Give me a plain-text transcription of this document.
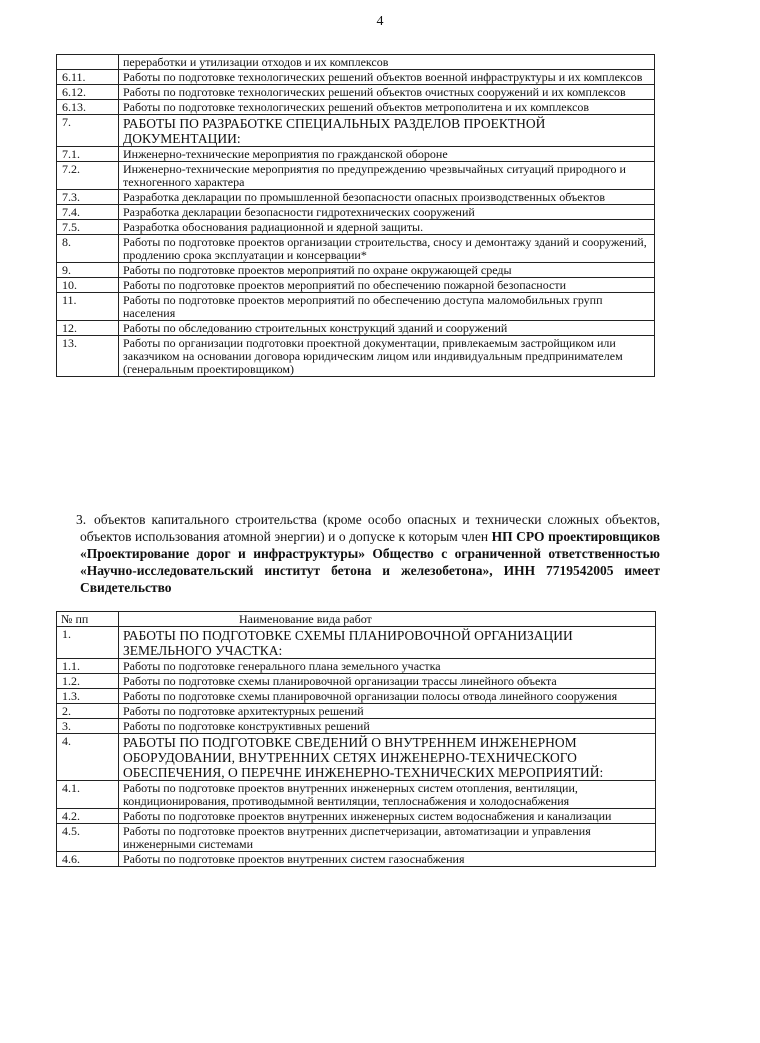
4

	переработки и утилизации отходов и их комплексов
6.11.	Работы по подготовке технологических решений объектов военной инфраструктуры и их комплексов
6.12.	Работы по подготовке технологических решений объектов очистных сооружений и их комплексов
6.13.	Работы по подготовке технологических решений объектов метрополитена и их комплексов
7.	РАБОТЫ ПО РАЗРАБОТКЕ СПЕЦИАЛЬНЫХ РАЗДЕЛОВ ПРОЕКТНОЙ ДОКУМЕНТАЦИИ:
7.1.	Инженерно-технические мероприятия по гражданской обороне
7.2.	Инженерно-технические мероприятия по предупреждению чрезвычайных ситуаций природного и техногенного характера
7.3.	Разработка декларации по промышленной безопасности опасных производственных объектов
7.4.	Разработка декларации безопасности гидротехнических сооружений
7.5.	Разработка обоснования радиационной и ядерной защиты.
8.	Работы по подготовке проектов организации строительства, сносу и демонтажу зданий и сооружений, продлению срока эксплуатации и консервации*
9.	Работы по подготовке проектов мероприятий по охране окружающей среды
10.	Работы по подготовке проектов мероприятий по обеспечению пожарной безопасности
11.	Работы по подготовке проектов мероприятий по обеспечению доступа маломобильных групп населения
12.	Работы по обследованию строительных конструкций зданий и сооружений
13.	Работы по организации подготовки проектной документации, привлекаемым застройщиком или заказчиком на основании договора юридическим лицом или индивидуальным предпринимателем (генеральным проектировщиком)
3. объектов капитального строительства (кроме особо опасных и технически сложных объектов, объектов использования атомной энергии) и о допуске к которым член НП СРО проектировщиков «Проектирование дорог и инфраструктуры» Общество с ограниченной ответственностью «Научно-исследовательский институт бетона и железобетона», ИНН 7719542005 имеет Свидетельство
№ пп	Наименование вида работ
1.	РАБОТЫ ПО ПОДГОТОВКЕ СХЕМЫ ПЛАНИРОВОЧНОЙ ОРГАНИЗАЦИИ ЗЕМЕЛЬНОГО УЧАСТКА:
1.1.	Работы по подготовке генерального плана земельного участка
1.2.	Работы по подготовке схемы планировочной организации трассы линейного объекта
1.3.	Работы по подготовке схемы планировочной организации полосы отвода линейного сооружения
2.	Работы по подготовке архитектурных решений
3.	Работы по подготовке конструктивных решений
4.	РАБОТЫ ПО ПОДГОТОВКЕ СВЕДЕНИЙ О ВНУТРЕННЕМ ИНЖЕНЕРНОМ ОБОРУДОВАНИИ, ВНУТРЕННИХ СЕТЯХ ИНЖЕНЕРНО-ТЕХНИЧЕСКОГО ОБЕСПЕЧЕНИЯ, О ПЕРЕЧНЕ ИНЖЕНЕРНО-ТЕХНИЧЕСКИХ МЕРОПРИЯТИЙ:
4.1.	Работы по подготовке проектов внутренних инженерных систем отопления, вентиляции, кондиционирования, противодымной вентиляции, теплоснабжения и холодоснабжения
4.2.	Работы по подготовке проектов внутренних инженерных систем водоснабжения и канализации
4.5.	Работы по подготовке проектов внутренних диспетчеризации, автоматизации и управления инженерными системами
4.6.	Работы по подготовке проектов внутренних систем газоснабжения
